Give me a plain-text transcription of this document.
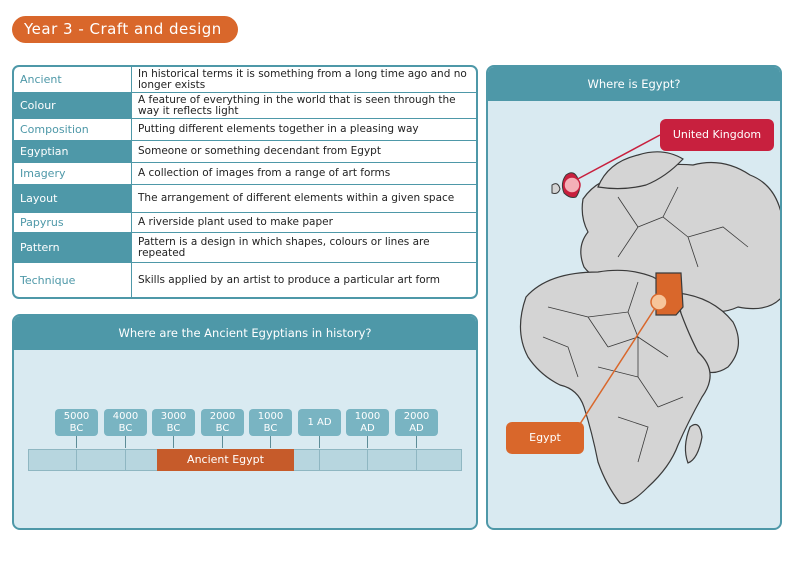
Year 3 - Craft and design
Ancient	In historical terms it is something from a long time ago and no longer exists
Colour	A feature of everything in the world that is seen through the way it reflects light
Composition	Putting different elements together in a pleasing way
Egyptian	Someone or something decendant from Egypt
Imagery	A collection of images from a range of art forms
Layout	The arrangement of different elements within a given space
Papyrus	A riverside plant used to make paper
Pattern	Pattern is a design in which shapes, colours or lines are repeated
Technique	Skills applied by an artist to produce a particular art form
Where are the Ancient Egyptians in history?
5000
BC
4000
BC
3000
BC
2000
BC
1000
BC
1 AD
1000
AD
2000
AD
Ancient Egypt
Where is Egypt?
United Kingdom
Egypt
